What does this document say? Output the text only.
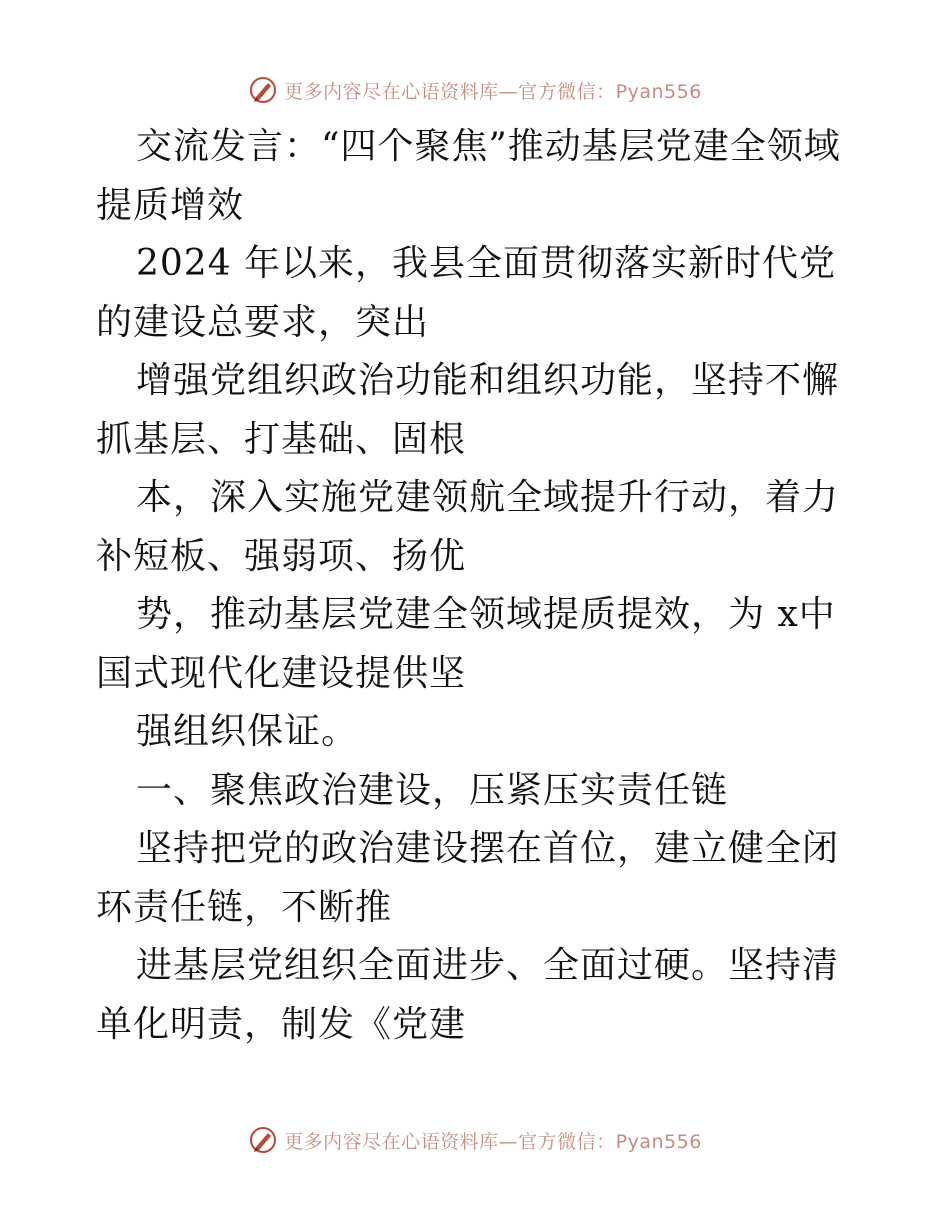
更多内容尽在心语资料库—官方微信：Pyan556

交流发言：“四个聚焦”推动基层党建全领域提质增效

2024 年以来，我县全面贯彻落实新时代党的建设总要求，突出

增强党组织政治功能和组织功能，坚持不懈抓基层、打基础、固根

本，深入实施党建领航全域提升行动，着力补短板、强弱项、扬优

势，推动基层党建全领域提质提效，为 x中国式现代化建设提供坚

强组织保证。

一、聚焦政治建设，压紧压实责任链

坚持把党的政治建设摆在首位，建立健全闭环责任链，不断推

进基层党组织全面进步、全面过硬。坚持清单化明责，制发《党建

更多内容尽在心语资料库—官方微信：Pyan556
